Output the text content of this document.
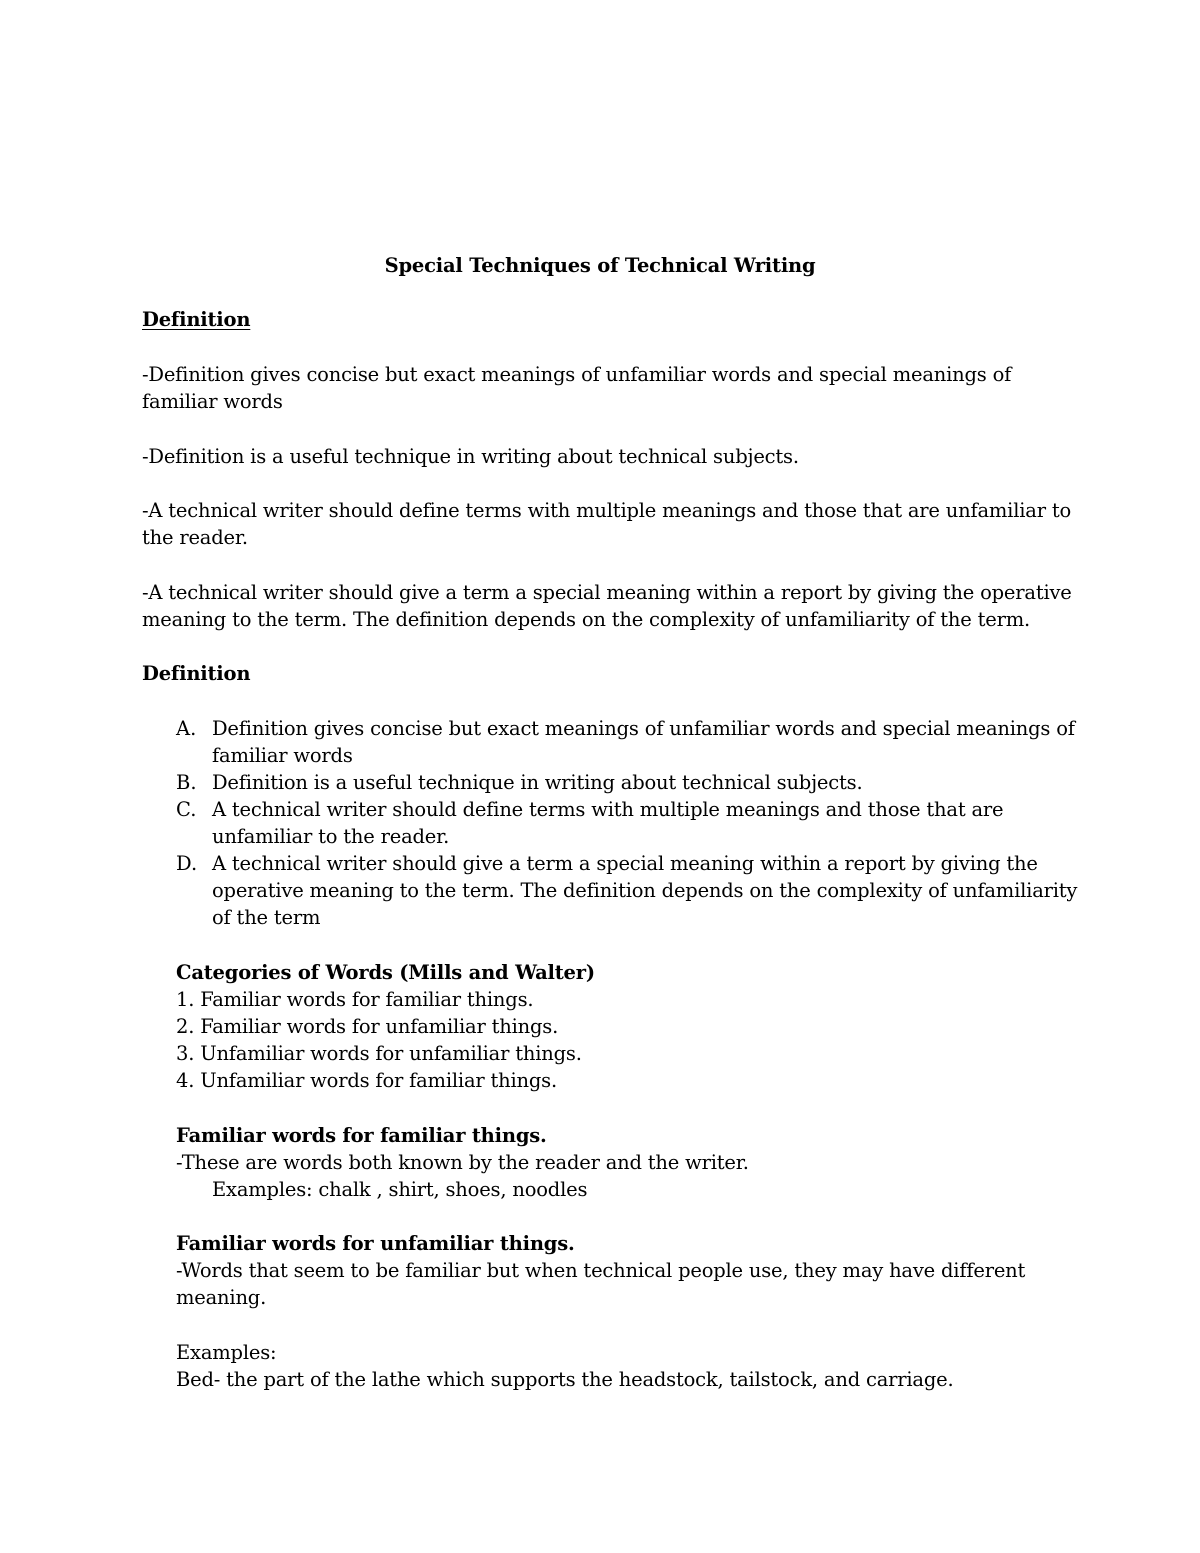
Special Techniques of Technical Writing
Definition
-Definition gives concise but exact meanings of unfamiliar words and special meanings of
familiar words
-Definition is a useful technique in writing about technical subjects.
-A technical writer should define terms with multiple meanings and those that are unfamiliar to
the reader.
-A technical writer should give a term a special meaning within a report by giving the operative
meaning to the term. The definition depends on the complexity of unfamiliarity of the term.
Definition
A. Definition gives concise but exact meanings of unfamiliar words and special meanings of
familiar words
B. Definition is a useful technique in writing about technical subjects.
C. A technical writer should define terms with multiple meanings and those that are
unfamiliar to the reader.
D. A technical writer should give a term a special meaning within a report by giving the
operative meaning to the term. The definition depends on the complexity of unfamiliarity
of the term
Categories of Words (Mills and Walter)
1. Familiar words for familiar things.
2. Familiar words for unfamiliar things.
3. Unfamiliar words for unfamiliar things.
4. Unfamiliar words for familiar things.
Familiar words for familiar things.
-These are words both known by the reader and the writer.
Examples: chalk , shirt, shoes, noodles
Familiar words for unfamiliar things.
-Words that seem to be familiar but when technical people use, they may have different
meaning.
Examples:
Bed- the part of the lathe which supports the headstock, tailstock, and carriage.
